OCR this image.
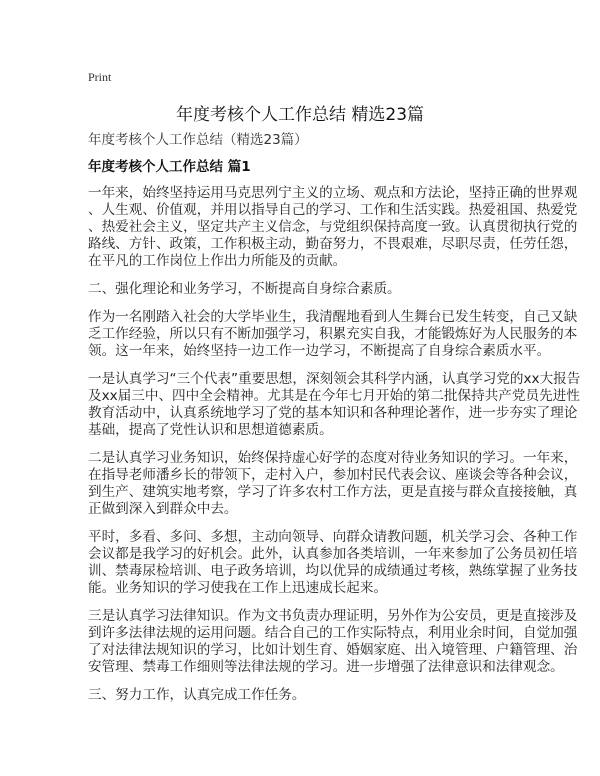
Print
年度考核个人工作总结 精选23篇
年度考核个人工作总结（精选23篇）
年度考核个人工作总结 篇1
一年来，始终坚持运用马克思列宁主义的立场、观点和方法论，坚持正确的世界观
、人生观、价值观，并用以指导自己的学习、工作和生活实践。热爱祖国、热爱党
、热爱社会主义，坚定共产主义信念，与党组织保持高度一致。认真贯彻执行党的
路线、方针、政策，工作积极主动，勤奋努力，不畏艰难，尽职尽责，任劳任怨，
在平凡的工作岗位上作出力所能及的贡献。
二、强化理论和业务学习，不断提高自身综合素质。
作为一名刚踏入社会的大学毕业生，我清醒地看到人生舞台已发生转变，自己又缺
乏工作经验，所以只有不断加强学习，积累充实自我，才能锻炼好为人民服务的本
领。这一年来，始终坚持一边工作一边学习，不断提高了自身综合素质水平。
一是认真学习“三个代表”重要思想，深刻领会其科学内涵，认真学习党的xx大报告
及xx届三中、四中全会精神。尤其是在今年七月开始的第二批保持共产党员先进性
教育活动中，认真系统地学习了党的基本知识和各种理论著作，进一步夯实了理论
基础，提高了党性认识和思想道德素质。
二是认真学习业务知识，始终保持虚心好学的态度对待业务知识的学习。一年来，
在指导老师潘乡长的带领下，走村入户，参加村民代表会议、座谈会等各种会议，
到生产、建筑实地考察，学习了许多农村工作方法，更是直接与群众直接接触，真
正做到深入到群众中去。
平时，多看、多问、多想，主动向领导、向群众请教问题，机关学习会、各种工作
会议都是我学习的好机会。此外，认真参加各类培训，一年来参加了公务员初任培
训、禁毒尿检培训、电子政务培训，均以优异的成绩通过考核，熟练掌握了业务技
能。业务知识的学习使我在工作上迅速成长起来。
三是认真学习法律知识。作为文书负责办理证明，另外作为公安员，更是直接涉及
到许多法律法规的运用问题。结合自己的工作实际特点，利用业余时间，自觉加强
了对法律法规知识的学习，比如计划生育、婚姻家庭、出入境管理、户籍管理、治
安管理、禁毒工作细则等法律法规的学习。进一步增强了法律意识和法律观念。
三、努力工作，认真完成工作任务。
